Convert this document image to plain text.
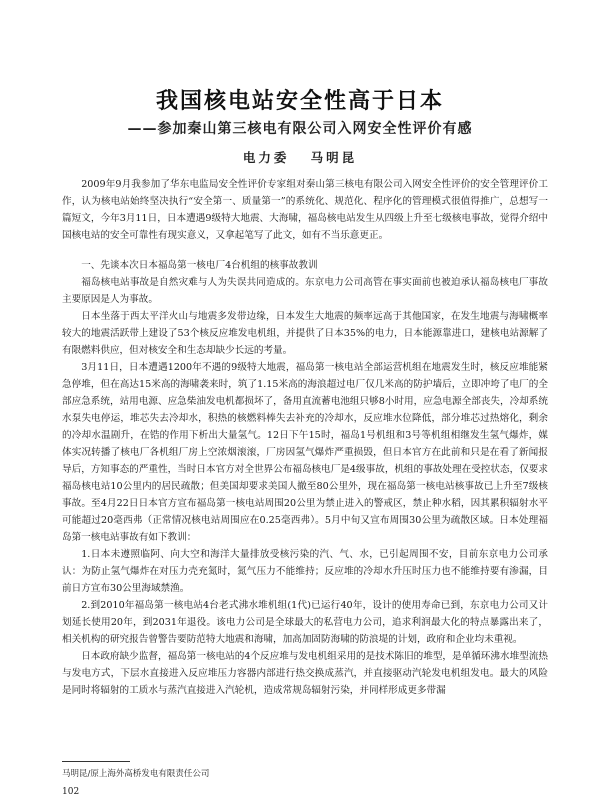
我国核电站安全性高于日本
——参加秦山第三核电有限公司入网安全性评价有感
电力委 马明昆

2009年9月我参加了华东电监局安全性评价专家组对秦山第三核电有限公司入网安全性评价的安全管理评价工作，认为核电站始终坚决执行“安全第一、质量第一”的系统化、规范化、程序化的管理模式很值得推广，总想写一篇短文，今年3月11日，日本遭遇9级特大地震、大海啸，福岛核电站发生从四级上升至七级核电事故，觉得介绍中国核电站的安全可靠性有现实意义，又拿起笔写了此文，如有不当乐意更正。

一、先谈本次日本福岛第一核电厂4台机组的核事故教训

福岛核电站事故是自然灾难与人为失误共同造成的。东京电力公司高管在事实面前也被迫承认福岛核电厂事故主要原因是人为事故。

日本坐落于西太平洋火山与地震多发带边缘，日本发生大地震的频率远高于其他国家，在发生地震与海啸概率较大的地震活跃带上建设了53个核反应堆发电机组，并提供了日本35%的电力，日本能源靠进口，建核电站源解了有限燃料供应，但对核安全和生态却缺少长远的考量。

3月11日，日本遭遇1200年不遇的9级特大地震，福岛第一核电站全部运营机组在地震发生时，核反应堆能紧急停堆，但在高达15米高的海啸袭来时，筑了1.15米高的海浪超过电厂仅几米高的防护墙后，立即冲垮了电厂的全部应急系统，站用电源、应急柴油发电机都损坏了，备用直流蓄电池组只够8小时用，应急电源全部丧失，冷却系统水泵失电停运，堆芯失去冷却水，积热的核燃料棒失去补充的冷却水，反应堆水位降低，部分堆芯过热熔化，剩余的冷却水温剧升，在锆的作用下析出大量氢气。12日下午15时，福岛1号机组和3号等机组相继发生氢气爆炸，媒体实况转播了核电厂各机组厂房上空浓烟滚滚，厂房因氢气爆炸严重损毁，但日本官方在此前和只是在看了新闻报导后，方知事态的严重性，当时日本官方对全世界公布福岛核电厂是4级事故，机组的事故处理在受控状态，仅要求福岛核电站10公里内的居民疏散；但美国却要求美国人撤至80公里外，现在福岛第一核电站核事故已上升至7级核事故。至4月22日日本官方宣布福岛第一核电站周围20公里为禁止进入的警戒区，禁止种水稻，因其累积辐射水平可能超过20毫西弗（正常情况核电站周围应在0.25毫西弗）。5月中旬又宣布周围30公里为疏散区域。日本处理福岛第一核电站事故有如下教训：

1.日本未遵照临阿、向大空和海洋大量排放受核污染的汽、气、水，已引起周围不安，目前东京电力公司承认：为防止氢气爆炸在对压力壳充氮时，氮气压力不能维持；反应堆的冷却水升压时压力也不能维持要有渗漏，目前日方宣布30公里海域禁渔。

2.到2010年福岛第一核电站4台老式沸水堆机组(1代)已运行40年，设计的使用寿命已到，东京电力公司又计划延长使用20年，到2031年退役。该电力公司是全球最大的私营电力公司，追求利润最大化的特点暴露出来了，相关机构的研究报告曾警告要防范特大地震和海啸，加高加固防海啸的防浪堤的计划，政府和企业均未重视。

日本政府缺少监督，福岛第一核电站的4个反应堆与发电机组采用的是技术陈旧的堆型，是单循环沸水堆型流热与发电方式，下层水直接进入反应堆压力容器内部进行热交换成蒸汽，并直接驱动汽轮发电机组发电。最大的风险是同时将辐射的工质水与蒸汽直接进入汽轮机，造成常规岛辐射污染，并同样形成更多带漏

马明昆/原上海外高桥发电有限责任公司
102
